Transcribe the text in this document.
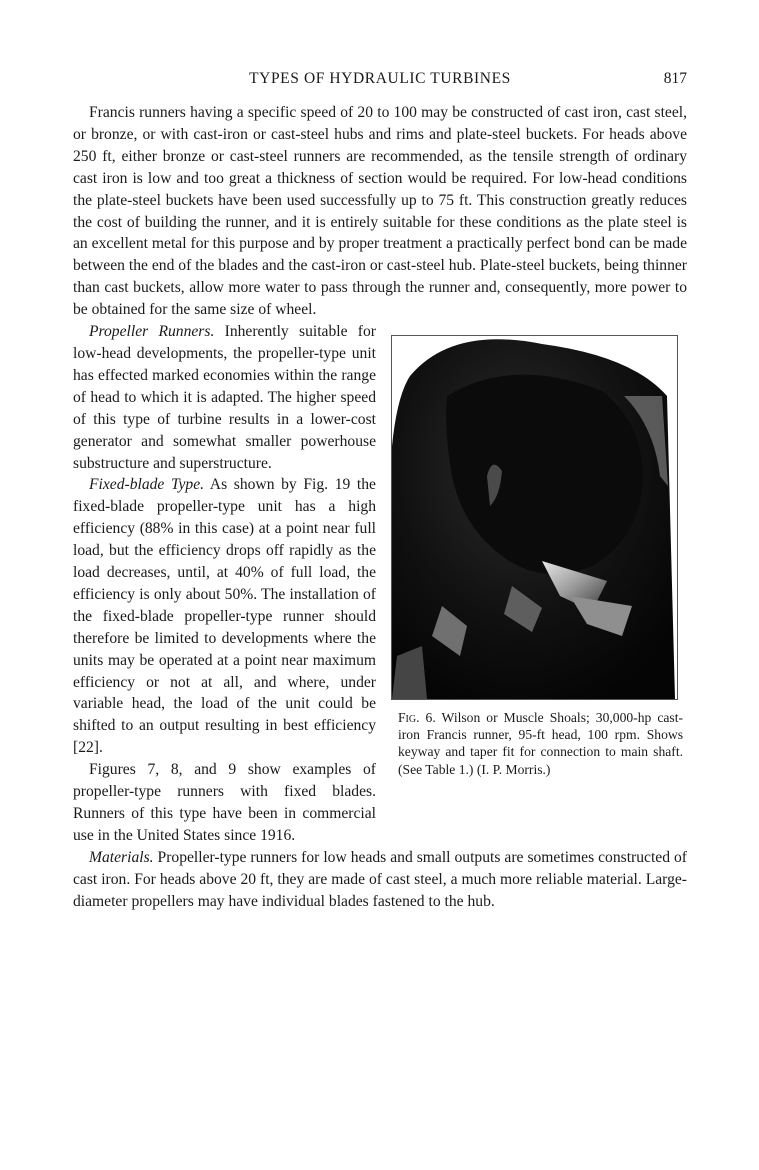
TYPES OF HYDRAULIC TURBINES	817

Francis runners having a specific speed of 20 to 100 may be constructed of cast iron, cast steel, or bronze, or with cast-iron or cast-steel hubs and rims and plate-steel buckets. For heads above 250 ft, either bronze or cast-steel runners are recommended, as the tensile strength of ordinary cast iron is low and too great a thickness of section would be required. For low-head conditions the plate-steel buckets have been used successfully up to 75 ft. This construction greatly reduces the cost of building the runner, and it is entirely suitable for these conditions as the plate steel is an excellent metal for this purpose and by proper treatment a practically perfect bond can be made between the end of the blades and the cast-iron or cast-steel hub. Plate-steel buckets, being thinner than cast buckets, allow more water to pass through the runner and, consequently, more power to be obtained for the same size of wheel.

Fig. 6. Wilson or Muscle Shoals; 30,000-hp cast-iron Francis runner, 95-ft head, 100 rpm. Shows keyway and taper fit for connection to main shaft. (See Table 1.) (I. P. Morris.)

Propeller Runners. Inherently suitable for low-head developments, the propeller-type unit has effected marked economies within the range of head to which it is adapted. The higher speed of this type of turbine results in a lower-cost generator and somewhat smaller powerhouse substructure and superstructure.

Fixed-blade Type. As shown by Fig. 19 the fixed-blade propeller-type unit has a high efficiency (88% in this case) at a point near full load, but the efficiency drops off rapidly as the load decreases, until, at 40% of full load, the efficiency is only about 50%. The installation of the fixed-blade propeller-type runner should therefore be limited to developments where the units may be operated at a point near maximum efficiency or not at all, and where, under variable head, the load of the unit could be shifted to an output resulting in best efficiency [22].

Figures 7, 8, and 9 show examples of propeller-type runners with fixed blades. Runners of this type have been in commercial use in the United States since 1916.

Materials. Propeller-type runners for low heads and small outputs are sometimes constructed of cast iron. For heads above 20 ft, they are made of cast steel, a much more reliable material. Large-diameter propellers may have individual blades fastened to the hub.
